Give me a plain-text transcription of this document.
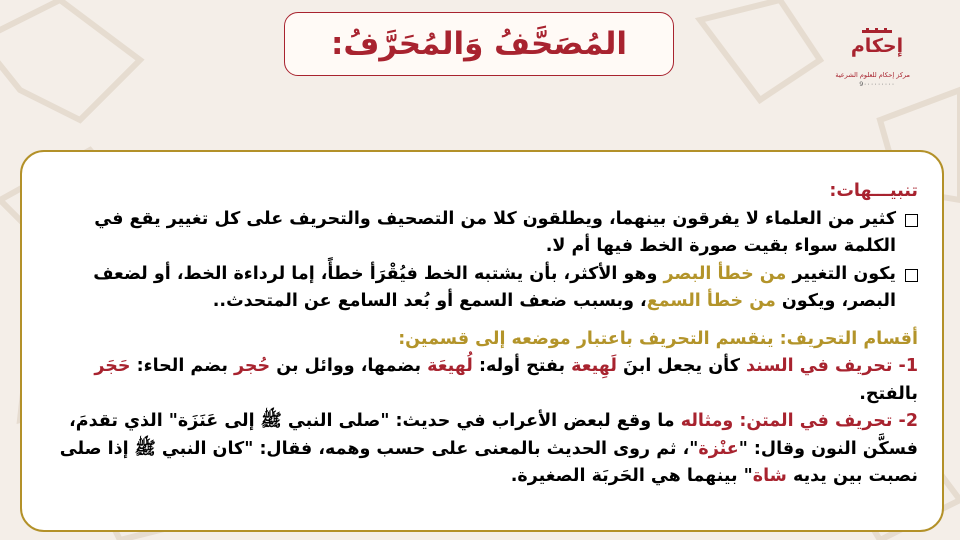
المُصَحَّفُ وَالمُحَرَّفُ:	إحكام
مركز إحكام للعلوم الشرعية
9٠٠٠٠٠٠٠٠٠
تنبيـــهات:
كثير من العلماء لا يفرقون بينهما، ويطلقون كلا من التصحيف والتحريف على كل تغيير يقع في الكلمة سواء بقيت صورة الخط فيها أم لا.
يكون التغيير من خطأ البصر وهو الأكثر، بأن يشتبه الخط فيُقْرَأ خطأً، إما لرداءة الخط، أو لضعف البصر، ويكون من خطأ السمع، وبسبب ضعف السمع أو بُعد السامع عن المتحدث..
أقسام التحريف: ينقسم التحريف باعتبار موضعه إلى قسمين:
1- تحريف في السند كأن يجعل ابنَ لَهِيعة بفتح أوله: لُهيعَة بضمها، ووائل بن حُجر بضم الحاء: حَجَر بالفتح.
2- تحريف في المتن: ومثاله ما وقع لبعض الأعراب في حديث: "صلى النبي ﷺ إلى عَنَزَة" الذي تقدمَ، فسكَّن النون وقال: "عنْزة"، ثم روى الحديث بالمعنى على حسب وهمه، فقال: "كان النبي ﷺ إذا صلى نصبت بين يديه شاة" بينهما هي الحَربَة الصغيرة.
